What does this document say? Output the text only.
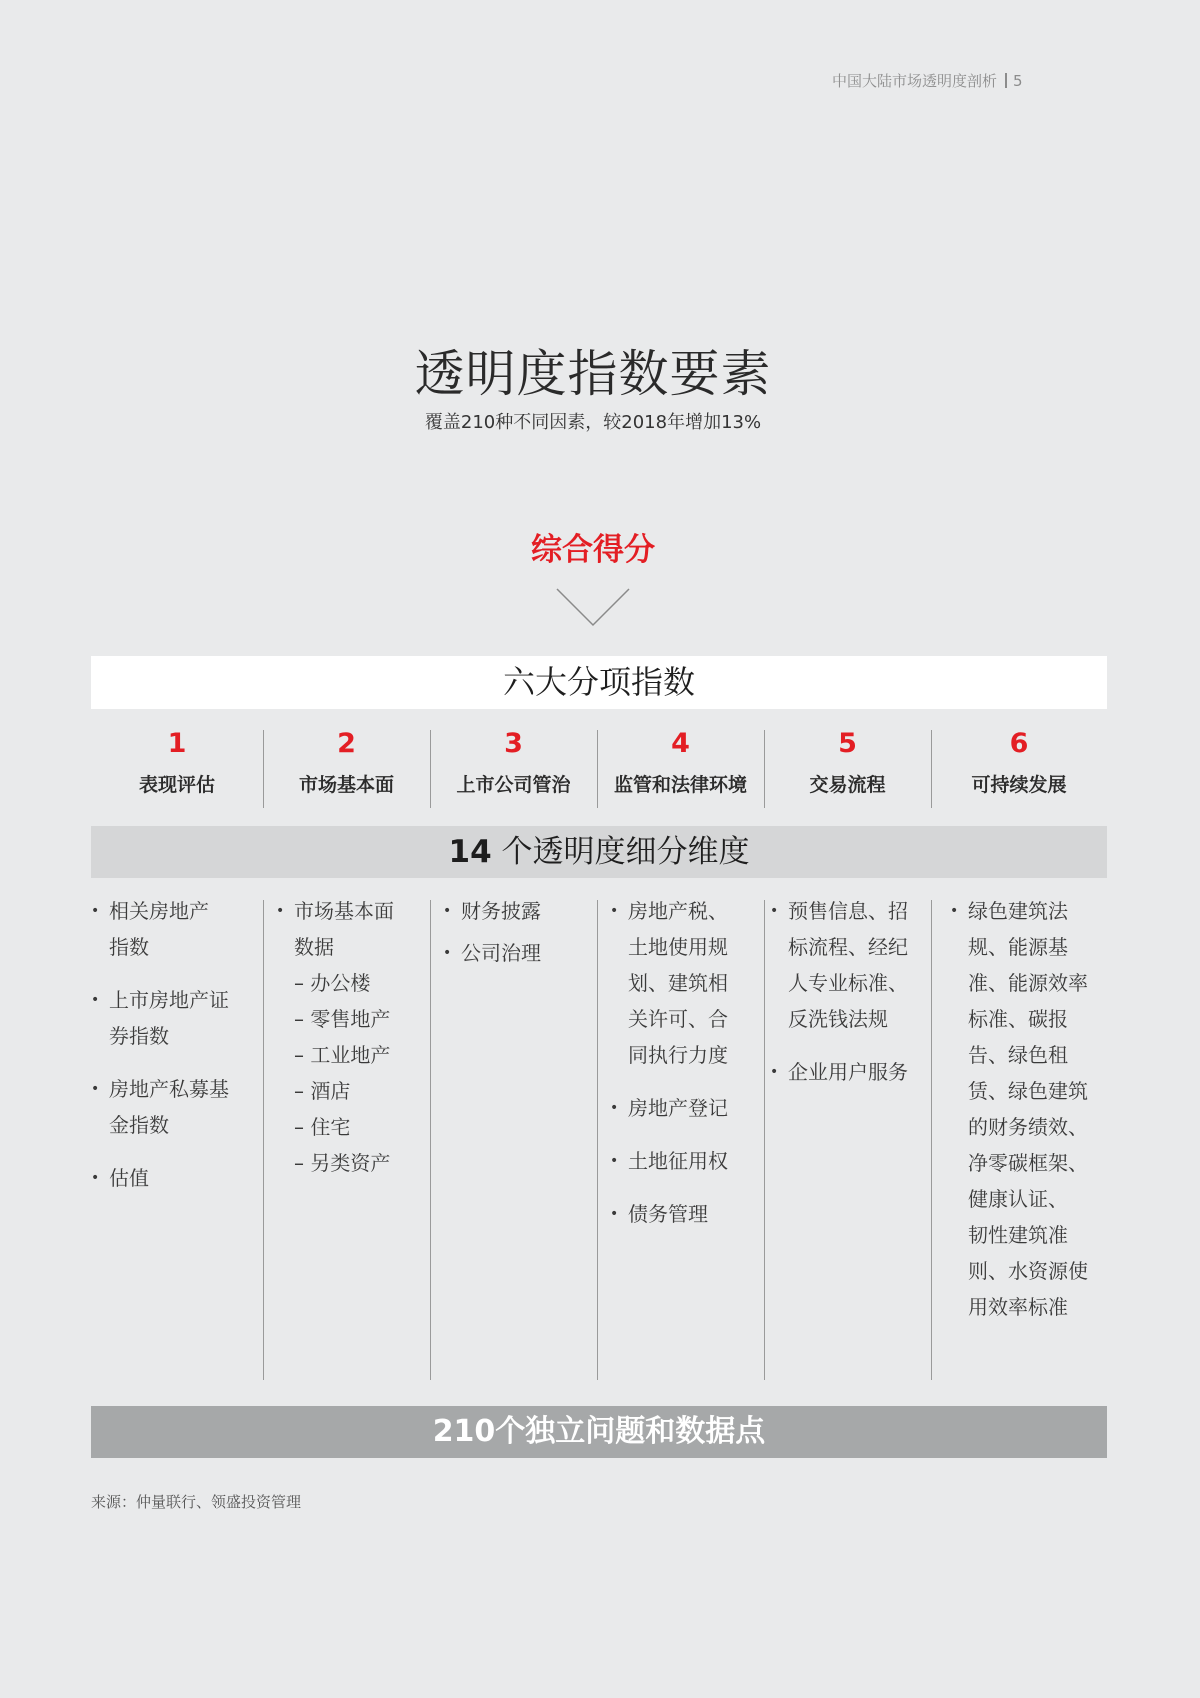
中国大陆市场透明度剖析 5
透明度指数要素
覆盖210种不同因素，较2018年增加13%
综合得分
六大分项指数
1
表现评估
2
市场基本面
3
上市公司管治
4
监管和法律环境
5
交易流程
6
可持续发展
14 个透明度细分维度
• 相关房地产
指数
• 上市房地产证
券指数
• 房地产私募基
金指数
• 估值
• 市场基本面
数据
– 办公楼
– 零售地产
– 工业地产
– 酒店
– 住宅
– 另类资产
• 财务披露
• 公司治理
• 房地产税、
土地使用规
划、建筑相
关许可、合
同执行力度
• 房地产登记
• 土地征用权
• 债务管理
• 预售信息、招
标流程、经纪
人专业标准、
反洗钱法规
• 企业用户服务
• 绿色建筑法
规、能源基
准、能源效率
标准、碳报
告、绿色租
赁、绿色建筑
的财务绩效、
净零碳框架、
健康认证、
韧性建筑准
则、水资源使
用效率标准
210个独立问题和数据点
来源：仲量联行、领盛投资管理
